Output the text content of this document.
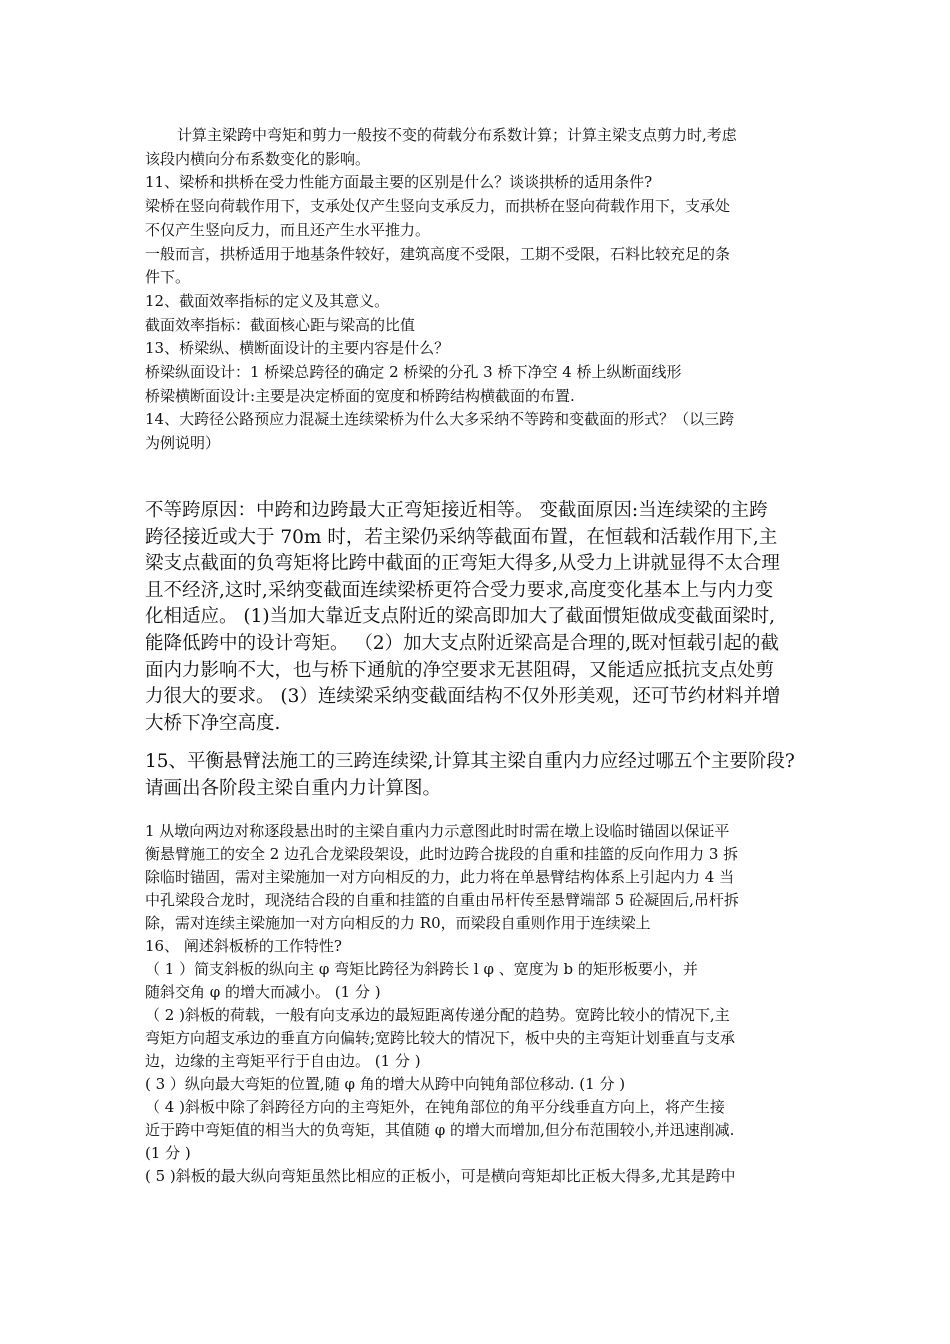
计算主梁跨中弯矩和剪力一般按不变的荷载分布系数计算；计算主梁支点剪力时,考虑

该段内横向分布系数变化的影响。

11、梁桥和拱桥在受力性能方面最主要的区别是什么？谈谈拱桥的适用条件?

梁桥在竖向荷载作用下，支承处仅产生竖向支承反力，而拱桥在竖向荷载作用下，支承处

不仅产生竖向反力，而且还产生水平推力。

一般而言，拱桥适用于地基条件较好，建筑高度不受限，工期不受限，石料比较充足的条

件下。

12、截面效率指标的定义及其意义。

截面效率指标：截面核心距与梁高的比值

13、桥梁纵、横断面设计的主要内容是什么？

桥梁纵面设计：1 桥梁总跨径的确定 2 桥梁的分孔 3 桥下净空 4 桥上纵断面线形

桥梁横断面设计:主要是决定桥面的宽度和桥跨结构横截面的布置.

14、大跨径公路预应力混凝土连续梁桥为什么大多采纳不等跨和变截面的形式？（以三跨

为例说明）

不等跨原因：中跨和边跨最大正弯矩接近相等。 变截面原因:当连续梁的主跨

跨径接近或大于 70m 时，若主梁仍采纳等截面布置，在恒载和活载作用下,主

梁支点截面的负弯矩将比跨中截面的正弯矩大得多,从受力上讲就显得不太合理

且不经济,这时,采纳变截面连续梁桥更符合受力要求,高度变化基本上与内力变

化相适应。 (1)当加大靠近支点附近的梁高即加大了截面惯矩做成变截面梁时,

能降低跨中的设计弯矩。 （2）加大支点附近梁高是合理的,既对恒载引起的截

面内力影响不大，也与桥下通航的净空要求无甚阻碍，又能适应抵抗支点处剪

力很大的要求。 (3）连续梁采纳变截面结构不仅外形美观，还可节约材料并增

大桥下净空高度.

15、平衡悬臂法施工的三跨连续梁,计算其主梁自重内力应经过哪五个主要阶段?

请画出各阶段主梁自重内力计算图。

1 从墩向两边对称逐段悬出时的主梁自重内力示意图此时时需在墩上设临时锚固以保证平

衡悬臂施工的安全 2 边孔合龙梁段架设，此时边跨合拢段的自重和挂篮的反向作用力 3 拆

除临时锚固，需对主梁施加一对方向相反的力，此力将在单悬臂结构体系上引起内力 4 当

中孔梁段合龙时，现浇结合段的自重和挂篮的自重由吊杆传至悬臂端部 5 砼凝固后,吊杆拆

除，需对连续主梁施加一对方向相反的力 R0，而梁段自重则作用于连续梁上

16、 阐述斜板桥的工作特性?

（ 1 ）简支斜板的纵向主 φ 弯矩比跨径为斜跨长 l φ 、宽度为 b 的矩形板要小，并

随斜交角 φ 的增大而减小。 (1 分 )

（ 2 )斜板的荷载，一般有向支承边的最短距离传递分配的趋势。宽跨比较小的情况下,主

弯矩方向超支承边的垂直方向偏转;宽跨比较大的情况下，板中央的主弯矩计划垂直与支承

边，边缘的主弯矩平行于自由边。 (1 分 )

( 3 ）纵向最大弯矩的位置,随 φ 角的增大从跨中向钝角部位移动. (1 分 )

（ 4 )斜板中除了斜跨径方向的主弯矩外，在钝角部位的角平分线垂直方向上，将产生接

近于跨中弯矩值的相当大的负弯矩，其值随 φ 的增大而增加,但分布范围较小,并迅速削减.

(1 分 )

( 5 )斜板的最大纵向弯矩虽然比相应的正板小，可是横向弯矩却比正板大得多,尤其是跨中
